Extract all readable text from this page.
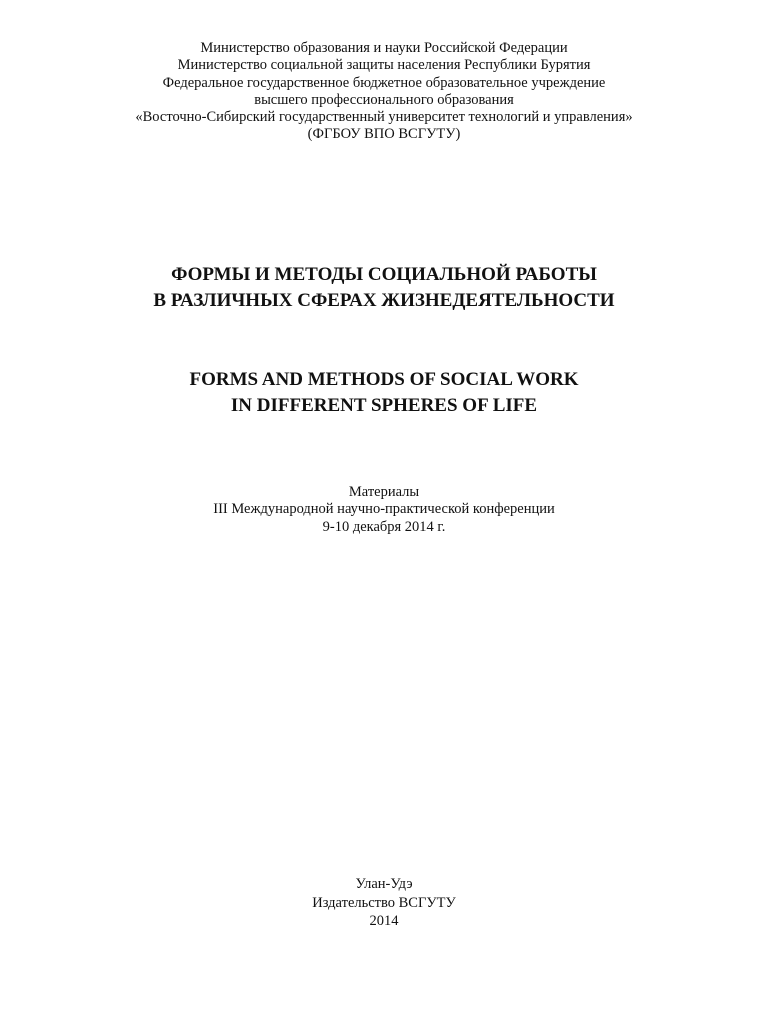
Министерство образования и науки Российской Федерации
Министерство социальной защиты населения Республики Бурятия
Федеральное государственное бюджетное образовательное учреждение
высшего профессионального образования
«Восточно-Сибирский государственный университет технологий и управления»
(ФГБОУ ВПО ВСГУТУ)
ФОРМЫ И МЕТОДЫ СОЦИАЛЬНОЙ РАБОТЫ
В РАЗЛИЧНЫХ СФЕРАХ ЖИЗНЕДЕЯТЕЛЬНОСТИ
FORMS AND METHODS OF SOCIAL WORK
IN DIFFERENT SPHERES OF LIFE
Материалы
III Международной научно-практической конференции
9-10 декабря 2014 г.
Улан-Удэ
Издательство ВСГУТУ
2014
